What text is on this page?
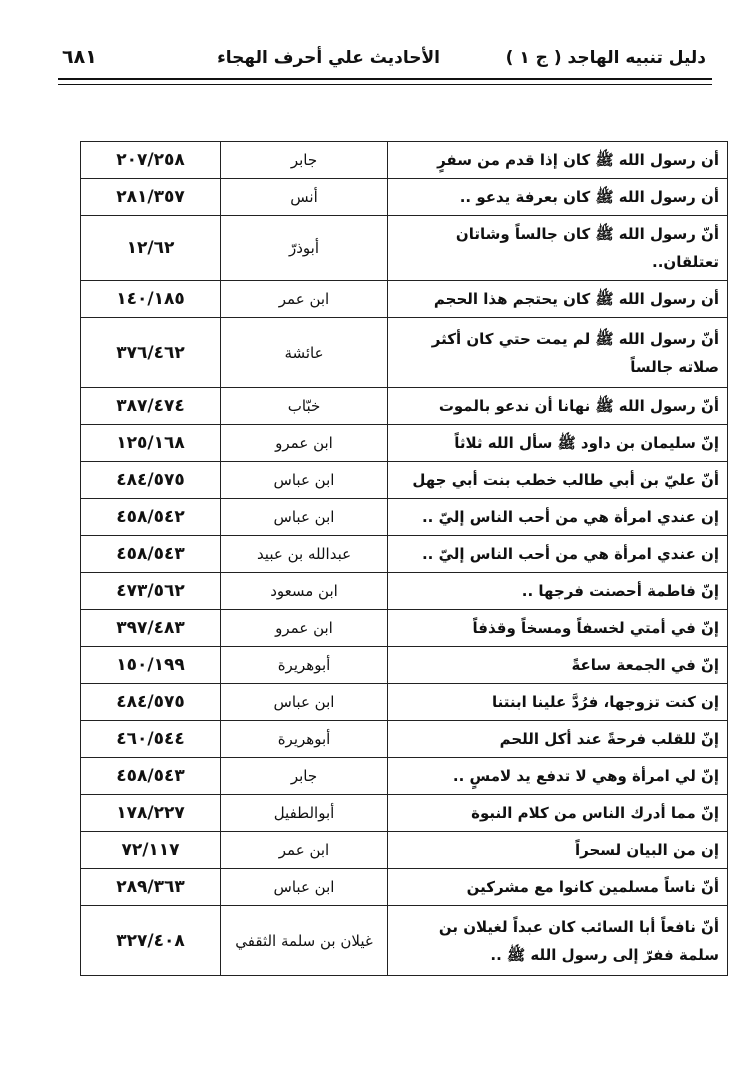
دليل تنبيه الهاجد ( ج ١ )
الأحاديث علي أحرف الهجاء
٦٨١
أن رسول الله ﷺ كان إذا قدم من سفرٍ	جابر	٢٠٧/٢٥٨
أن رسول الله ﷺ كان بعرفة يدعو ..	أنس	٢٨١/٣٥٧
أنّ رسول الله ﷺ كان جالساً وشاتان تعتلقان..	أبوذرّ	١٢/٦٢
أن رسول الله ﷺ كان يحتجم هذا الحجم	ابن عمر	١٤٠/١٨٥
أنّ رسول الله ﷺ لم يمت حتي كان أكثر صلاته جالساً	عائشة	٣٧٦/٤٦٢
أنّ رسول الله ﷺ نهانا أن ندعو بالموت	خبّاب	٣٨٧/٤٧٤
إنّ سليمان بن داود ﷺ سأل الله ثلاثاً	ابن عمرو	١٢٥/١٦٨
أنّ عليّ بن أبي طالب خطب بنت أبي جهل	ابن عباس	٤٨٤/٥٧٥
إن عندي امرأة هي من أحب الناس إليّ ..	ابن عباس	٤٥٨/٥٤٢
إن عندي امرأة هي من أحب الناس إليّ ..	عبدالله بن عبيد	٤٥٨/٥٤٣
إنّ فاطمة أحصنت فرجها ..	ابن مسعود	٤٧٣/٥٦٢
إنّ في أمتي لخسفاً ومسخاً وقذفاً	ابن عمرو	٣٩٧/٤٨٣
إنّ في الجمعة ساعةً	أبوهريرة	١٥٠/١٩٩
إن كنت تزوجها، فرُدَّ علينا ابنتنا	ابن عباس	٤٨٤/٥٧٥
إنّ للقلب فرحةً عند أكل اللحم	أبوهريرة	٤٦٠/٥٤٤
إنّ لي امرأة وهي لا تدفع يد لامسٍ ..	جابر	٤٥٨/٥٤٣
إنّ مما أدرك الناس من كلام النبوة	أبوالطفيل	١٧٨/٢٢٧
إن من البيان لسحراً	ابن عمر	٧٢/١١٧
أنّ ناساً مسلمين كانوا مع مشركين	ابن عباس	٢٨٩/٣٦٣
أنّ نافعاً أبا السائب كان عبداً لغيلان بن سلمة ففرّ إلى رسول الله ﷺ ..	غيلان بن سلمة الثقفي	٣٢٧/٤٠٨
